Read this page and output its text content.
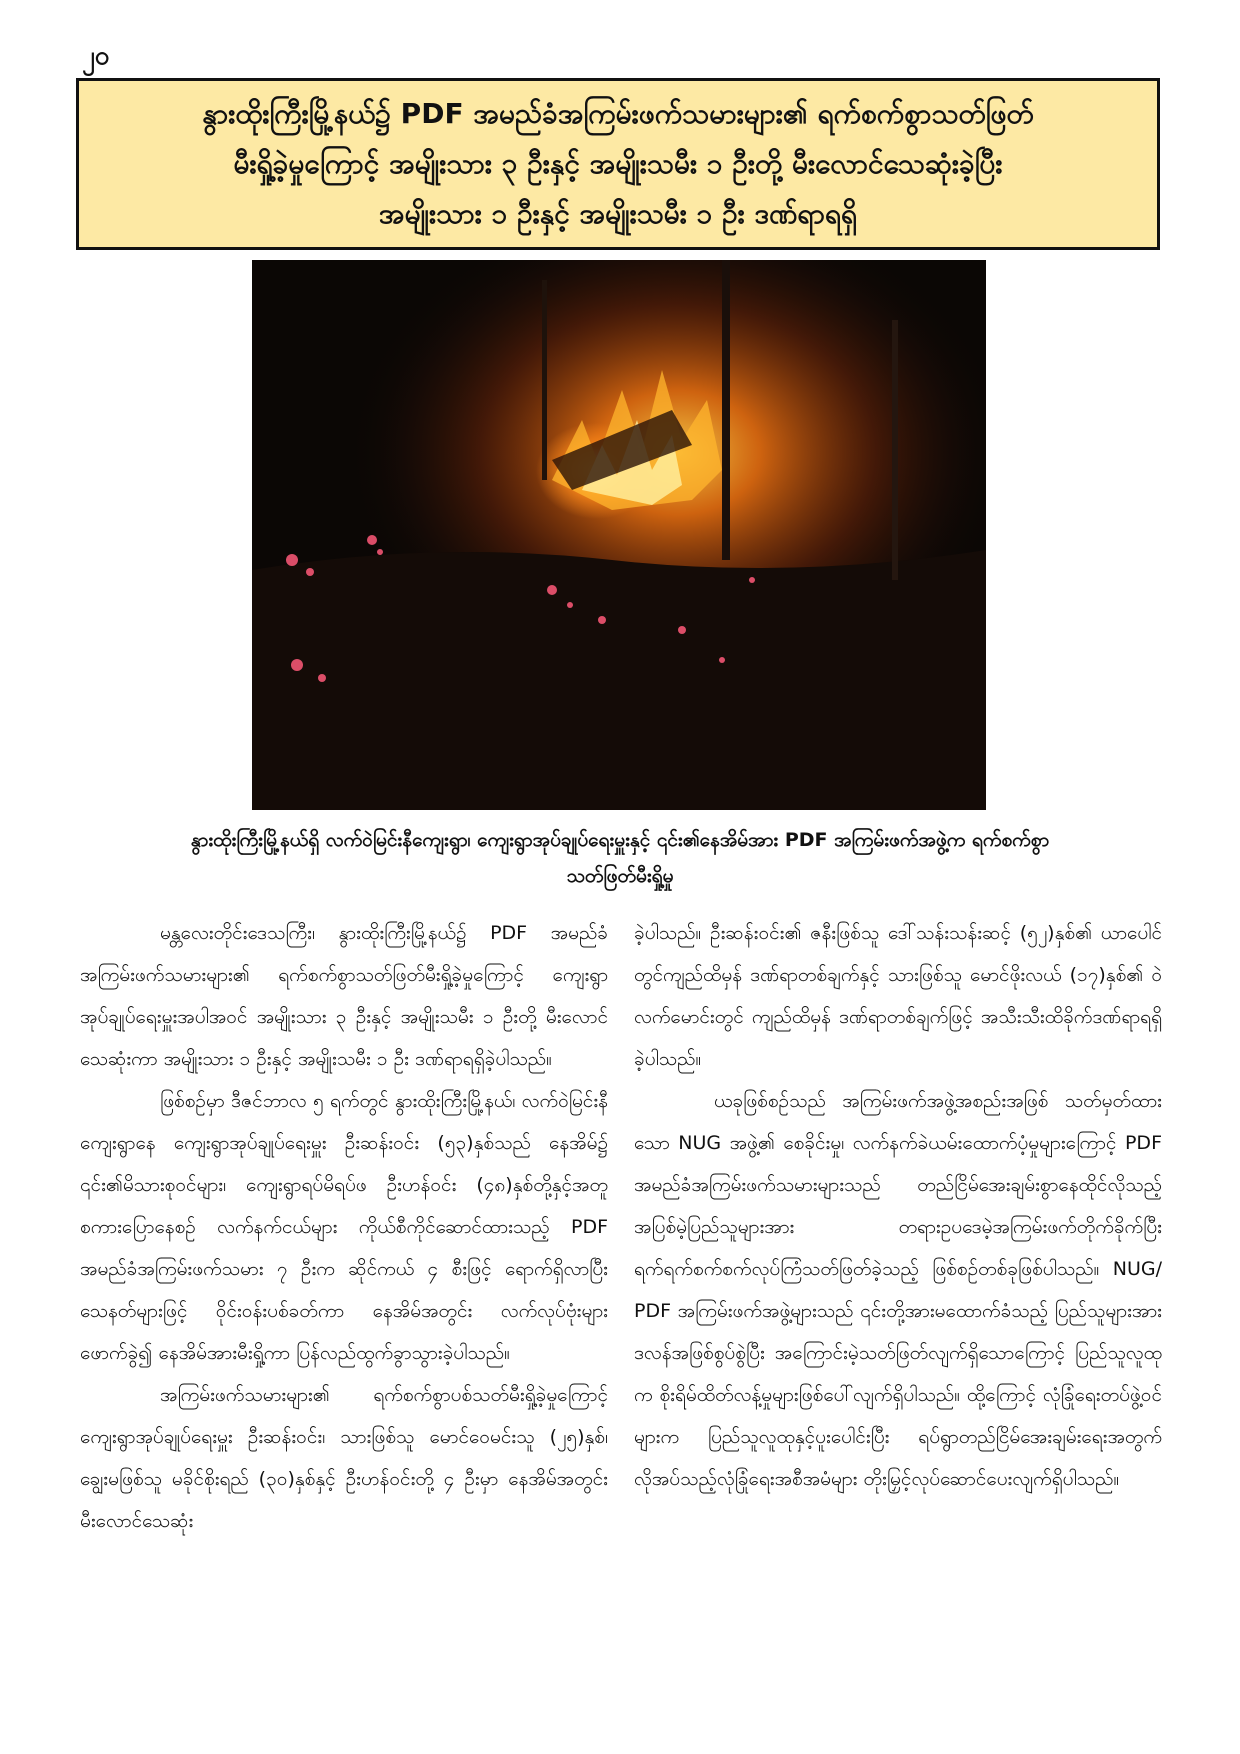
၂၀
နွားထိုးကြီးမြို့နယ်၌ PDF အမည်ခံအကြမ်းဖက်သမားများ၏ ရက်စက်စွာသတ်ဖြတ်
မီးရှို့ခဲ့မှုကြောင့် အမျိုးသား ၃ ဦးနှင့် အမျိုးသမီး ၁ ဦးတို့ မီးလောင်သေဆုံးခဲ့ပြီး
အမျိုးသား ၁ ဦးနှင့် အမျိုးသမီး ၁ ဦး ဒဏ်ရာရရှိ
နွားထိုးကြီးမြို့နယ်ရှိ လက်ဝဲမြင်းနီကျေးရွာ၊ ကျေးရွာအုပ်ချုပ်ရေးမှူးနှင့် ၎င်း၏နေအိမ်အား PDF အကြမ်းဖက်အဖွဲ့က ရက်စက်စွာ
သတ်ဖြတ်မီးရှို့မှု

မန္တလေးတိုင်းဒေသကြီး၊ နွားထိုးကြီးမြို့နယ်၌ PDF အမည်ခံအကြမ်းဖက်သမားများ၏ ရက်စက်စွာသတ်ဖြတ်မီးရှို့ခဲ့မှုကြောင့် ကျေးရွာအုပ်ချုပ်ရေးမှူးအပါအဝင် အမျိုးသား ၃ ဦးနှင့် အမျိုးသမီး ၁ ဦးတို့ မီးလောင်သေဆုံးကာ အမျိုးသား ၁ ဦးနှင့် အမျိုးသမီး ၁ ဦး ဒဏ်ရာရရှိခဲ့ပါသည်။

ဖြစ်စဉ်မှာ ဒီဇင်ဘာလ ၅ ရက်တွင် နွားထိုးကြီးမြို့နယ်၊ လက်ဝဲမြင်းနီကျေးရွာနေ ကျေးရွာအုပ်ချုပ်ရေးမှူး ဦးဆန်းဝင်း (၅၃)နှစ်သည် နေအိမ်၌ ၎င်း၏မိသားစုဝင်များ၊ ကျေးရွာရပ်မိရပ်ဖ ဦးဟန်ဝင်း (၄၈)နှစ်တို့နှင့်အတူ စကားပြောနေစဉ် လက်နက်ငယ်များ ကိုယ်စီကိုင်ဆောင်ထားသည့် PDF အမည်ခံအကြမ်းဖက်သမား ၇ ဦးက ဆိုင်ကယ် ၄ စီးဖြင့် ရောက်ရှိလာပြီး သေနတ်များဖြင့် ဝိုင်းဝန်းပစ်ခတ်ကာ နေအိမ်အတွင်း လက်လုပ်ဗုံးများဖောက်ခွဲ၍ နေအိမ်အားမီးရှို့ကာ ပြန်လည်ထွက်ခွာသွားခဲ့ပါသည်။

အကြမ်းဖက်သမားများ၏ ရက်စက်စွာပစ်သတ်မီးရှို့ခဲ့မှုကြောင့် ကျေးရွာအုပ်ချုပ်ရေးမှူး ဦးဆန်းဝင်း၊ သားဖြစ်သူ မောင်ဝေမင်းသူ (၂၅)နှစ်၊ ချွေးမဖြစ်သူ မခိုင်စိုးရည် (၃၀)နှစ်နှင့် ဦးဟန်ဝင်းတို့ ၄ ဦးမှာ နေအိမ်အတွင်း မီးလောင်သေဆုံး

ခဲ့ပါသည်။ ဦးဆန်းဝင်း၏ ဇနီးဖြစ်သူ ဒေါ်သန်းသန်းဆင့် (၅၂)နှစ်၏ ယာပေါင်တွင်ကျည်ထိမှန် ဒဏ်ရာတစ်ချက်နှင့် သားဖြစ်သူ မောင်ဖိုးလယ် (၁၇)နှစ်၏ ဝဲလက်မောင်းတွင် ကျည်ထိမှန် ဒဏ်ရာတစ်ချက်ဖြင့် အသီးသီးထိခိုက်ဒဏ်ရာရရှိခဲ့ပါသည်။

ယခုဖြစ်စဉ်သည် အကြမ်းဖက်အဖွဲ့အစည်းအဖြစ် သတ်မှတ်ထားသော NUG အဖွဲ့၏ စေခိုင်းမှု၊ လက်နက်ခဲယမ်းထောက်ပံ့မှုများကြောင့် PDF အမည်ခံအကြမ်းဖက်သမားများသည် တည်ငြိမ်အေးချမ်းစွာနေထိုင်လိုသည့် အပြစ်မဲ့ပြည်သူများအား တရားဥပဒေမဲ့အကြမ်းဖက်တိုက်ခိုက်ပြီး ရက်ရက်စက်စက်လုပ်ကြံသတ်ဖြတ်ခဲ့သည့် ဖြစ်စဉ်တစ်ခုဖြစ်ပါသည်။ NUG/ PDF အကြမ်းဖက်အဖွဲ့များသည် ၎င်းတို့အားမထောက်ခံသည့် ပြည်သူများအား ဒလန်အဖြစ်စွပ်စွဲပြီး အကြောင်းမဲ့သတ်ဖြတ်လျက်ရှိသောကြောင့် ပြည်သူလူထုက စိုးရိမ်ထိတ်လန့်မှုများဖြစ်ပေါ်လျက်ရှိပါသည်။ ထို့ကြောင့် လုံခြုံရေးတပ်ဖွဲ့ဝင်များက ပြည်သူလူထုနှင့်ပူးပေါင်းပြီး ရပ်ရွာတည်ငြိမ်အေးချမ်းရေးအတွက် လိုအပ်သည့်လုံခြုံရေးအစီအမံများ တိုးမြှင့်လုပ်ဆောင်ပေးလျက်ရှိပါသည်။
